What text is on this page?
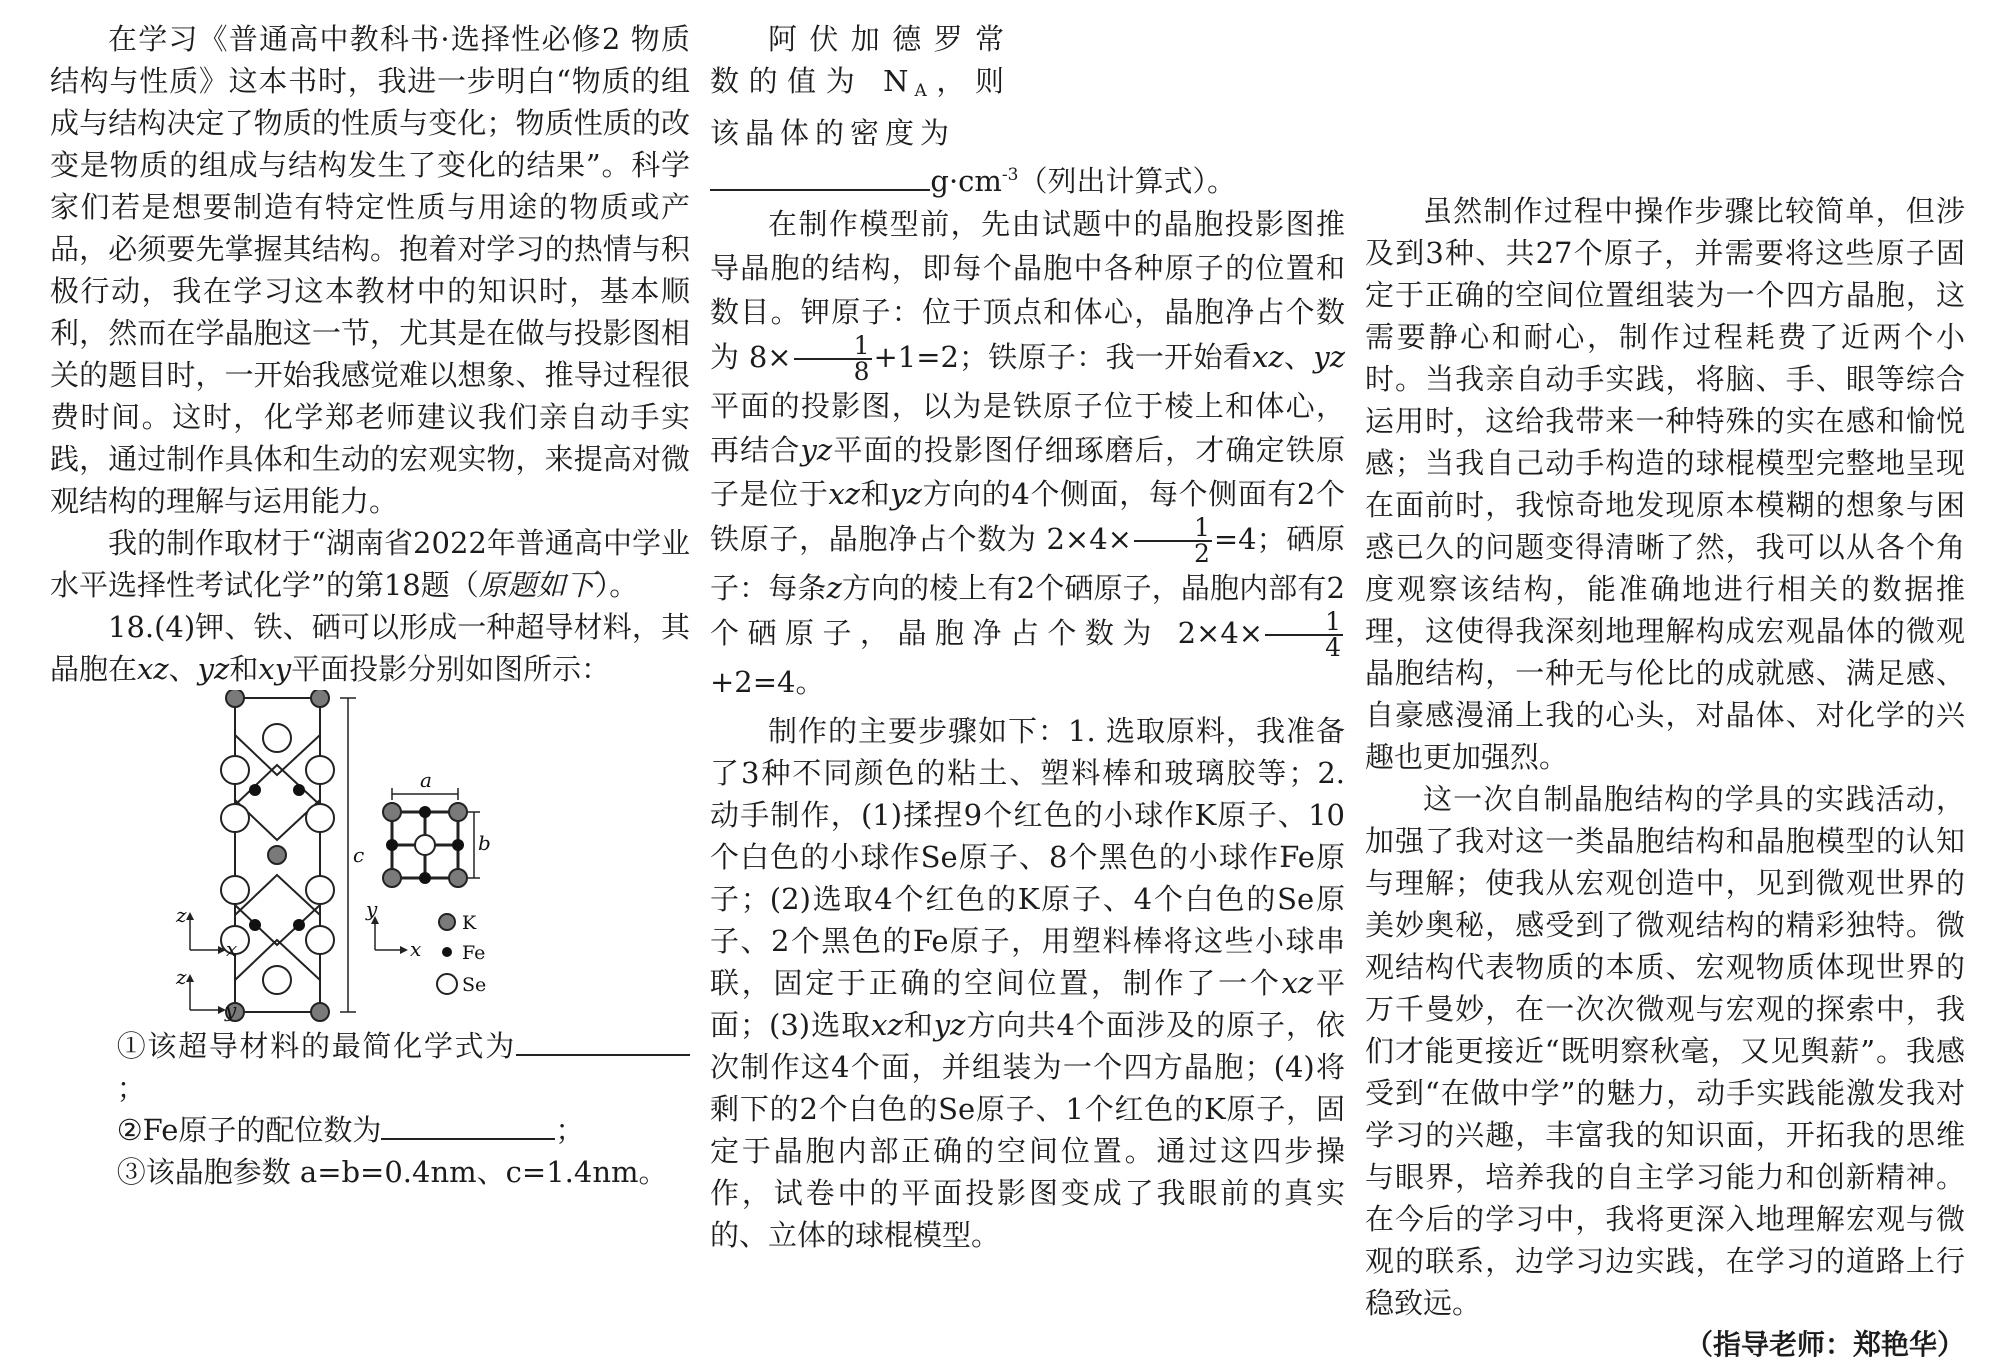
在学习《普通高中教科书·选择性必修2 物质结构与性质》这本书时，我进一步明白“物质的组成与结构决定了物质的性质与变化；物质性质的改变是物质的组成与结构发生了变化的结果”。科学家们若是想要制造有特定性质与用途的物质或产品，必须要先掌握其结构。抱着对学习的热情与积极行动，我在学习这本教材中的知识时，基本顺利，然而在学晶胞这一节，尤其是在做与投影图相关的题目时，一开始我感觉难以想象、推导过程很费时间。这时，化学郑老师建议我们亲自动手实践，通过制作具体和生动的宏观实物，来提高对微观结构的理解与运用能力。

我的制作取材于“湖南省2022年普通高中学业水平选择性考试化学”的第18题（原题如下）。

18.(4)钾、铁、硒可以形成一种超导材料，其晶胞在xz、yz和xy平面投影分别如图所示：

c
a
b
z
x
z
y
y
x
K
Fe
Se

①该超导材料的最简化学式为；

②Fe原子的配位数为	；

③该晶胞参数 a=b=0.4nm、c=1.4nm。

阿伏加德罗常数的值为 $N_A$，则该晶体的密度为

$g\cdot cm^{-3}$（列出计算式）。

在制作模型前，先由试题中的晶胞投影图推导晶胞的结构，即每个晶胞中各种原子的位置和数目。钾原子：位于顶点和体心，晶胞净占个数为 $8\times \frac{1}{8} +1=2$；铁原子：我一开始看xz、yz平面的投影图，以为是铁原子位于棱上和体心，再结合yz平面的投影图仔细琢磨后，才确定铁原子是位于xz和yz方向的4个侧面，每个侧面有2个铁原子，晶胞净占个数为 $2\times 4\times \frac{1}{2} =4$；硒原子：每条z方向的棱上有2个硒原子，晶胞内部有2个硒原子，晶胞净占个数为 $2\times 4\times \frac{1}{4}$
+2=4。

制作的主要步骤如下：1. 选取原料，我准备了3种不同颜色的粘土、塑料棒和玻璃胶等；2. 动手制作，(1)揉捏9个红色的小球作K原子、10个白色的小球作Se原子、8个黑色的小球作Fe原子；(2)选取4个红色的K原子、4个白色的Se原子、2个黑色的Fe原子，用塑料棒将这些小球串联，固定于正确的空间位置，制作了一个xz平面；(3)选取xz和yz方向共4个面涉及的原子，依次制作这4个面，并组装为一个四方晶胞；(4)将剩下的2个白色的Se原子、1个红色的K原子，固定于晶胞内部正确的空间位置。通过这四步操作，试卷中的平面投影图变成了我眼前的真实的、立体的球棍模型。

虽然制作过程中操作步骤比较简单，但涉及到3种、共27个原子，并需要将这些原子固定于正确的空间位置组装为一个四方晶胞，这需要静心和耐心，制作过程耗费了近两个小时。当我亲自动手实践，将脑、手、眼等综合运用时，这给我带来一种特殊的实在感和愉悦感；当我自己动手构造的球棍模型完整地呈现在面前时，我惊奇地发现原本模糊的想象与困惑已久的问题变得清晰了然，我可以从各个角度观察该结构，能准确地进行相关的数据推理，这使得我深刻地理解构成宏观晶体的微观晶胞结构，一种无与伦比的成就感、满足感、自豪感漫涌上我的心头，对晶体、对化学的兴趣也更加强烈。

这一次自制晶胞结构的学具的实践活动，加强了我对这一类晶胞结构和晶胞模型的认知与理解；使我从宏观创造中，见到微观世界的美妙奥秘，感受到了微观结构的精彩独特。微观结构代表物质的本质、宏观物质体现世界的万千曼妙，在一次次微观与宏观的探索中，我们才能更接近“既明察秋毫，又见舆薪”。我感受到“在做中学”的魅力，动手实践能激发我对学习的兴趣，丰富我的知识面，开拓我的思维与眼界，培养我的自主学习能力和创新精神。在今后的学习中，我将更深入地理解宏观与微观的联系，边学习边实践，在学习的道路上行稳致远。

（指导老师：郑艳华）
